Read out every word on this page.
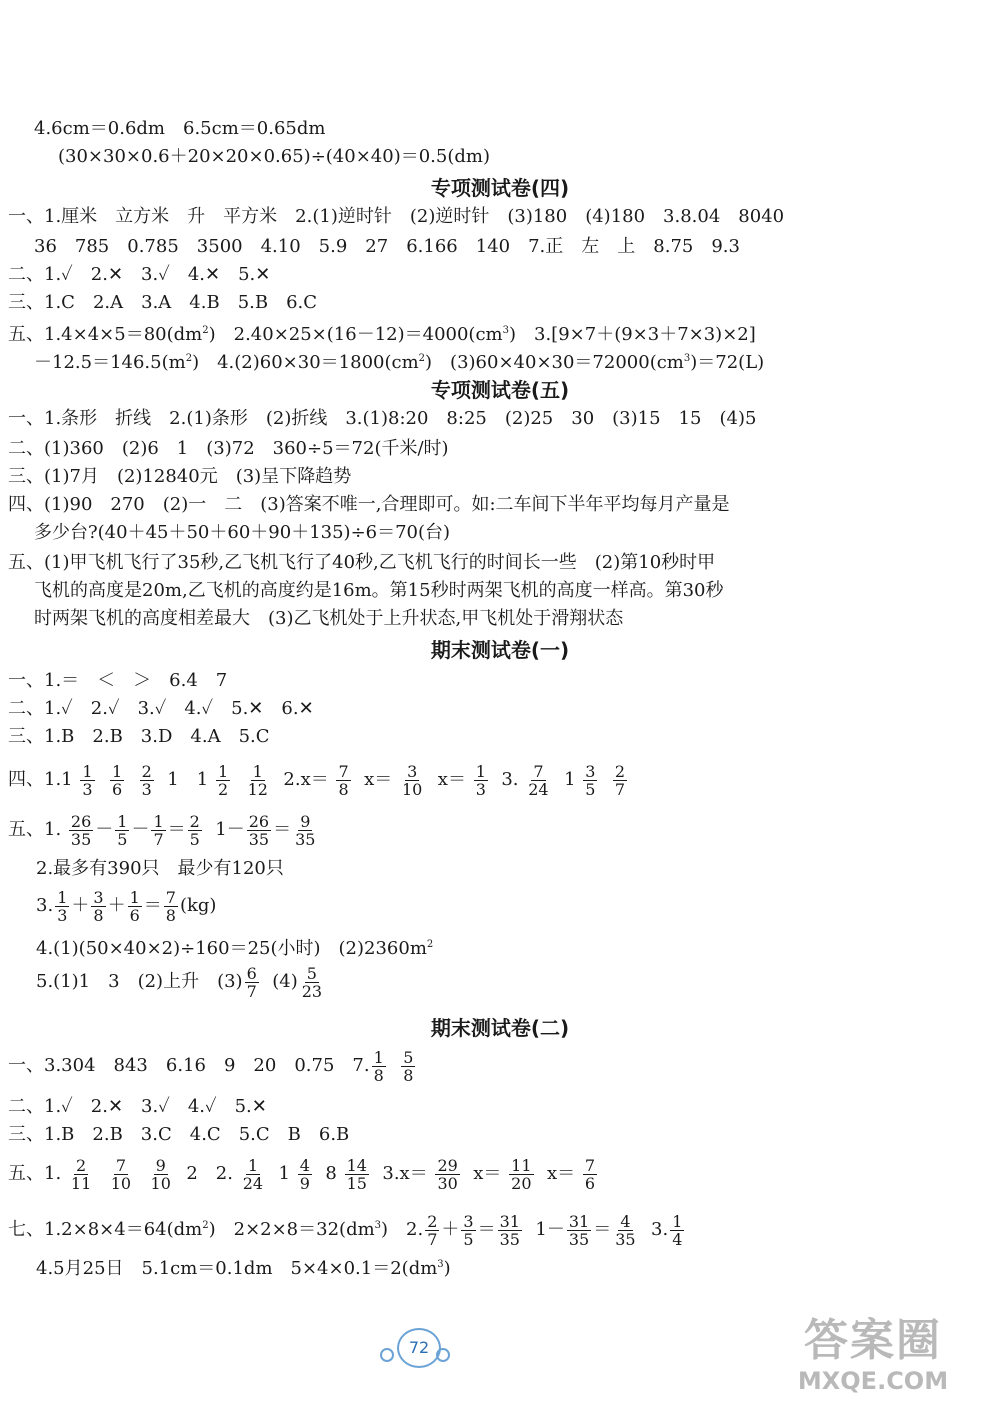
4.6cm＝0.6dm　6.5cm＝0.65dm
(30×30×0.6＋20×20×0.65)÷(40×40)＝0.5(dm)
专项测试卷(四)
一、1.厘米　立方米　升　平方米　2.(1)逆时针　(2)逆时针　(3)180　(4)180　3.8.04　8040
36　785　0.785　3500　4.10　5.9　27　6.166　140　7.正　左　上　8.75　9.3
二、1.✓　2.✕　3.✓　4.✕　5.✕
三、1.C　2.A　3.A　4.B　5.B　6.C
五、$1.4\times 4\times 5=80(dm^2)$　$2.40\times 25\times(16-12)=4000(cm^3)$　3.[9×7＋(9×3＋7×3)×2]
$-12.5=146.5(m^2)$　$4.(2)60\times 30=1800(cm^2)$　$(3)60\times 40\times 30=72000(cm^3)=72(L)$
专项测试卷(五)
一、1.条形　折线　2.(1)条形　(2)折线　3.(1)8:20　8:25　(2)25　30　(3)15　15　(4)5
二、(1)360　(2)6　1　(3)72　360÷5＝72(千米/时)
三、(1)7月　(2)12840元　(3)呈下降趋势
四、(1)90　270　(2)一　二　(3)答案不唯一,合理即可。如:二车间下半年平均每月产量是
多少台?(40＋45＋50＋60＋90＋135)÷6＝70(台)
五、(1)甲飞机飞行了35秒,乙飞机飞行了40秒,乙飞机飞行的时间长一些　(2)第10秒时甲
飞机的高度是20m,乙飞机的高度约是16m。第15秒时两架飞机的高度一样高。第30秒
时两架飞机的高度相差最大　(3)乙飞机处于上升状态,甲飞机处于滑翔状态
期末测试卷(一)
一、1.＝　＜　＞　6.4　7
二、1.✓　2.✓　3.✓　4.✓　5.✕　6.✕
三、1.B　2.B　3.D　4.A　5.C
四、$1.1 \frac{1}{3}$
$\frac{1}{6}$
$\frac{2}{3} 1$　$1 \frac{1}{2}$
$\frac{1}{12} 2.x= \frac{7}{8} x= \frac{3}{10} x= \frac{1}{3} 3$. $\frac{7}{24} 1 \frac{3}{5}$
$\frac{2}{7}$
五、1. $\frac{26}{35} - \frac{1}{5} - \frac{1}{7} = \frac{2}{5} 1- \frac{26}{35} = \frac{9}{35}$
2.最多有390只　最少有120只
3. $\frac{1}{3} + \frac{3}{8} + \frac{1}{6} = \frac{7}{8} (kg)$
4.(1)(50×40×2)÷160＝25(小时)　$(2)2360m^2$
5.(1)1　3　(2)上升　$(3) \frac{6}{7} (4) \frac{5}{23}$
期末测试卷(二)
一、3.304　843　6.16　9　20　0.75　7. $\frac{1}{8}$
$\frac{5}{8}$
二、1.✓　2.✕　3.✓　4.✓　5.✕
三、1.B　2.B　3.C　4.C　5.C　B　6.B
五、1. $\frac{2}{11}$
$\frac{7}{10}$
$\frac{9}{10} 2$　2. $\frac{1}{24} 1 \frac{4}{9} 8 \frac{14}{15} 3.x= \frac{29}{30} x= \frac{11}{20} x= \frac{7}{6}$
七、$1.2\times 8\times 4=64(dm^2)$　$2\times 2\times 8=32(dm^3)$　2. $\frac{2}{7} + \frac{3}{5} = \frac{31}{35} 1- \frac{31}{35} = \frac{4}{35} 3$. $\frac{1}{4}$
4.5月25日　5.1cm＝0.1dm　$5\times 4\times 0.1=2(dm^3)$
72	答案圈
MXQE.COM
